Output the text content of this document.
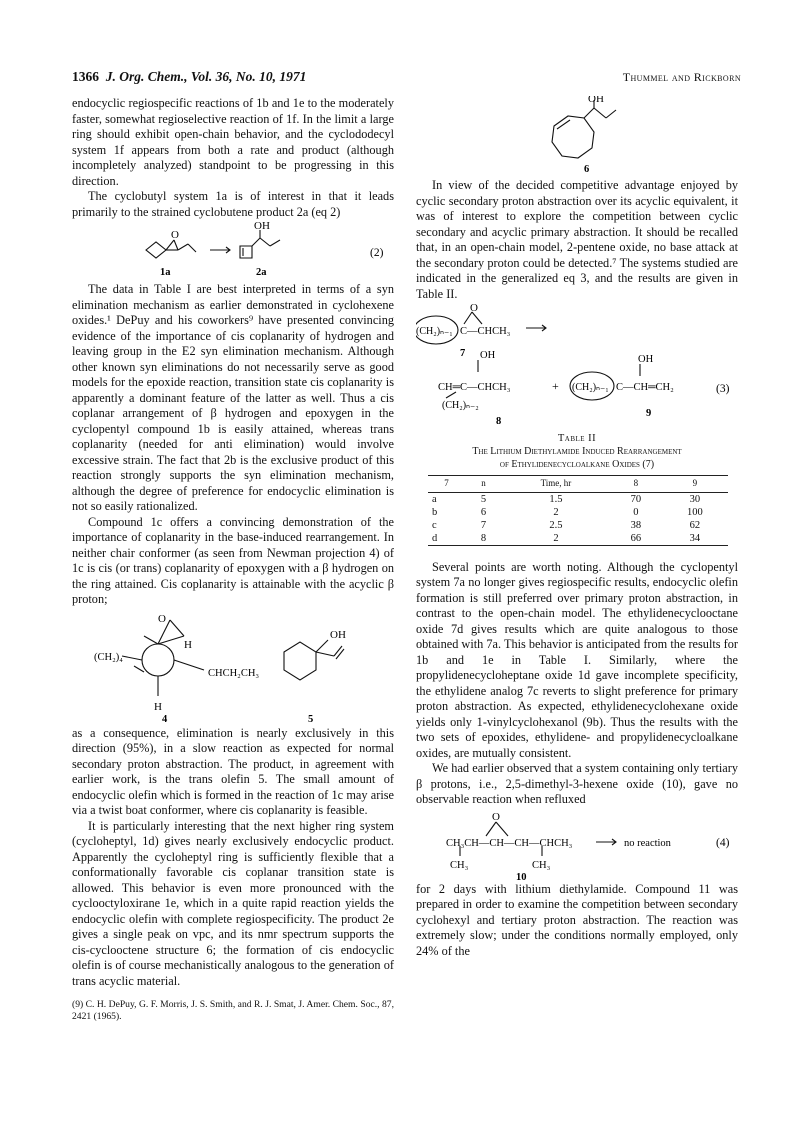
1366 J. Org. Chem., Vol. 36, No. 10, 1971	Thummel and Rickborn

endocyclic regiospecific reactions of 1b and 1e to the moderately faster, somewhat regioselective reaction of 1f. In the limit a large ring should exhibit open-chain behavior, and the cyclododecyl system 1f appears from both a rate and product (although incompletely analyzed) standpoint to be progressing in this direction.

The cyclobutyl system 1a is of interest in that it leads primarily to the strained cyclobutene product 2a (eq 2)

O
OH
1a	2a
(2)

The data in Table I are best interpreted in terms of a syn elimination mechanism as earlier demonstrated in cyclohexene oxides.¹ DePuy and his coworkers⁹ have presented convincing evidence of the importance of cis coplanarity of hydrogen and leaving group in the E2 syn elimination mechanism. Although other known syn eliminations do not necessarily serve as good models for the epoxide reaction, transition state cis coplanarity is apparently a dominant feature of the latter as well. Thus a cis coplanar arrangement of β hydrogen and epoxygen in the cyclopentyl compound 1b is easily attained, whereas trans coplanarity (needed for anti elimination) would involve excessive strain. The fact that 2b is the exclusive product of this reaction strongly supports the syn elimination mechanism, although the degree of preference for endocyclic elimination is not so easily rationalized.

Compound 1c offers a convincing demonstration of the importance of coplanarity in the base-induced rearrangement. In neither chair conformer (as seen from Newman projection 4) of 1c is cis (or trans) coplanarity of epoxygen with a β hydrogen on the ring attained. Cis coplanarity is attainable with the acyclic β proton;

O
H
H
(CH₂)₄
CHCH₂CH₃
OH
4	5

as a consequence, elimination is nearly exclusively in this direction (95%), in a slow reaction as expected for normal secondary proton abstraction. The product, in agreement with earlier work, is the trans olefin 5. The small amount of endocyclic olefin which is formed in the reaction of 1c may arise via a twist boat conformer, where cis coplanarity is feasible.

It is particularly interesting that the next higher ring system (cycloheptyl, 1d) gives nearly exclusively endocyclic product. Apparently the cycloheptyl ring is sufficiently flexible that a conformationally favorable cis coplanar transition state is allowed. This behavior is even more pronounced with the cyclooctyloxirane 1e, which in a quite rapid reaction yields the endocyclic olefin with complete regiospecificity. The product 2e gives a single peak on vpc, and its nmr spectrum supports the cis-cyclooctene structure 6; the formation of cis endocyclic olefin is of course mechanistically analogous to the generation of trans acyclic material.

(9) C. H. DePuy, G. F. Morris, J. S. Smith, and R. J. Smat, J. Amer. Chem. Soc., 87, 2421 (1965).

OH
6

In view of the decided competitive advantage enjoyed by cyclic secondary proton abstraction over its acyclic equivalent, it was of interest to explore the competition between cyclic secondary and acyclic primary abstraction. It should be recalled that, in an open-chain model, 2-pentene oxide, no base attack at the secondary proton could be detected.⁷ The systems studied are indicated in the generalized eq 3, and the results are given in Table II.

(CH₂)ₙ₋₁ C—CHCH₃
O
7 OH
CH═C—CHCH₃
(CH₂)ₙ₋₂
+ (CH₂)ₙ₋₁ C—CH═CH₂
OH
8
9
(3)
Table II
The Lithium Diethylamide Induced Rearrangement
of Ethylidenecycloalkane Oxides (7)
7	n	Time, hr	8	9
a	5	1.5	70	30
b	6	2	0	100
c	7	2.5	38	62
d	8	2	66	34

Several points are worth noting. Although the cyclopentyl system 7a no longer gives regiospecific results, endocyclic olefin formation is still preferred over primary proton abstraction, in contrast to the open-chain model. The ethylidenecyclooctane oxide 7d gives results which are quite analogous to those obtained with 7a. This behavior is anticipated from the results for 1b and 1e in Table I. Similarly, where the propylidenecycloheptane oxide 1d gave incomplete specificity, the ethylidene analog 7c reverts to slight preference for primary proton abstraction. As expected, ethylidenecyclohexane oxide yields only 1-vinylcyclohexanol (9b). Thus the results with the two sets of epoxides, ethylidene- and propylidenecycloalkane oxides, are mutually consistent.

We had earlier observed that a system containing only tertiary β protons, i.e., 2,5-dimethyl-3-hexene oxide (10), gave no observable reaction when refluxed

O
CH₃CH—CH—CH—CHCH₃
CH₃	CH₃
no reaction
10
(4)

for 2 days with lithium diethylamide. Compound 11 was prepared in order to examine the competition between secondary cyclohexyl and tertiary proton abstraction. The reaction was extremely slow; under the conditions normally employed, only 24% of the
